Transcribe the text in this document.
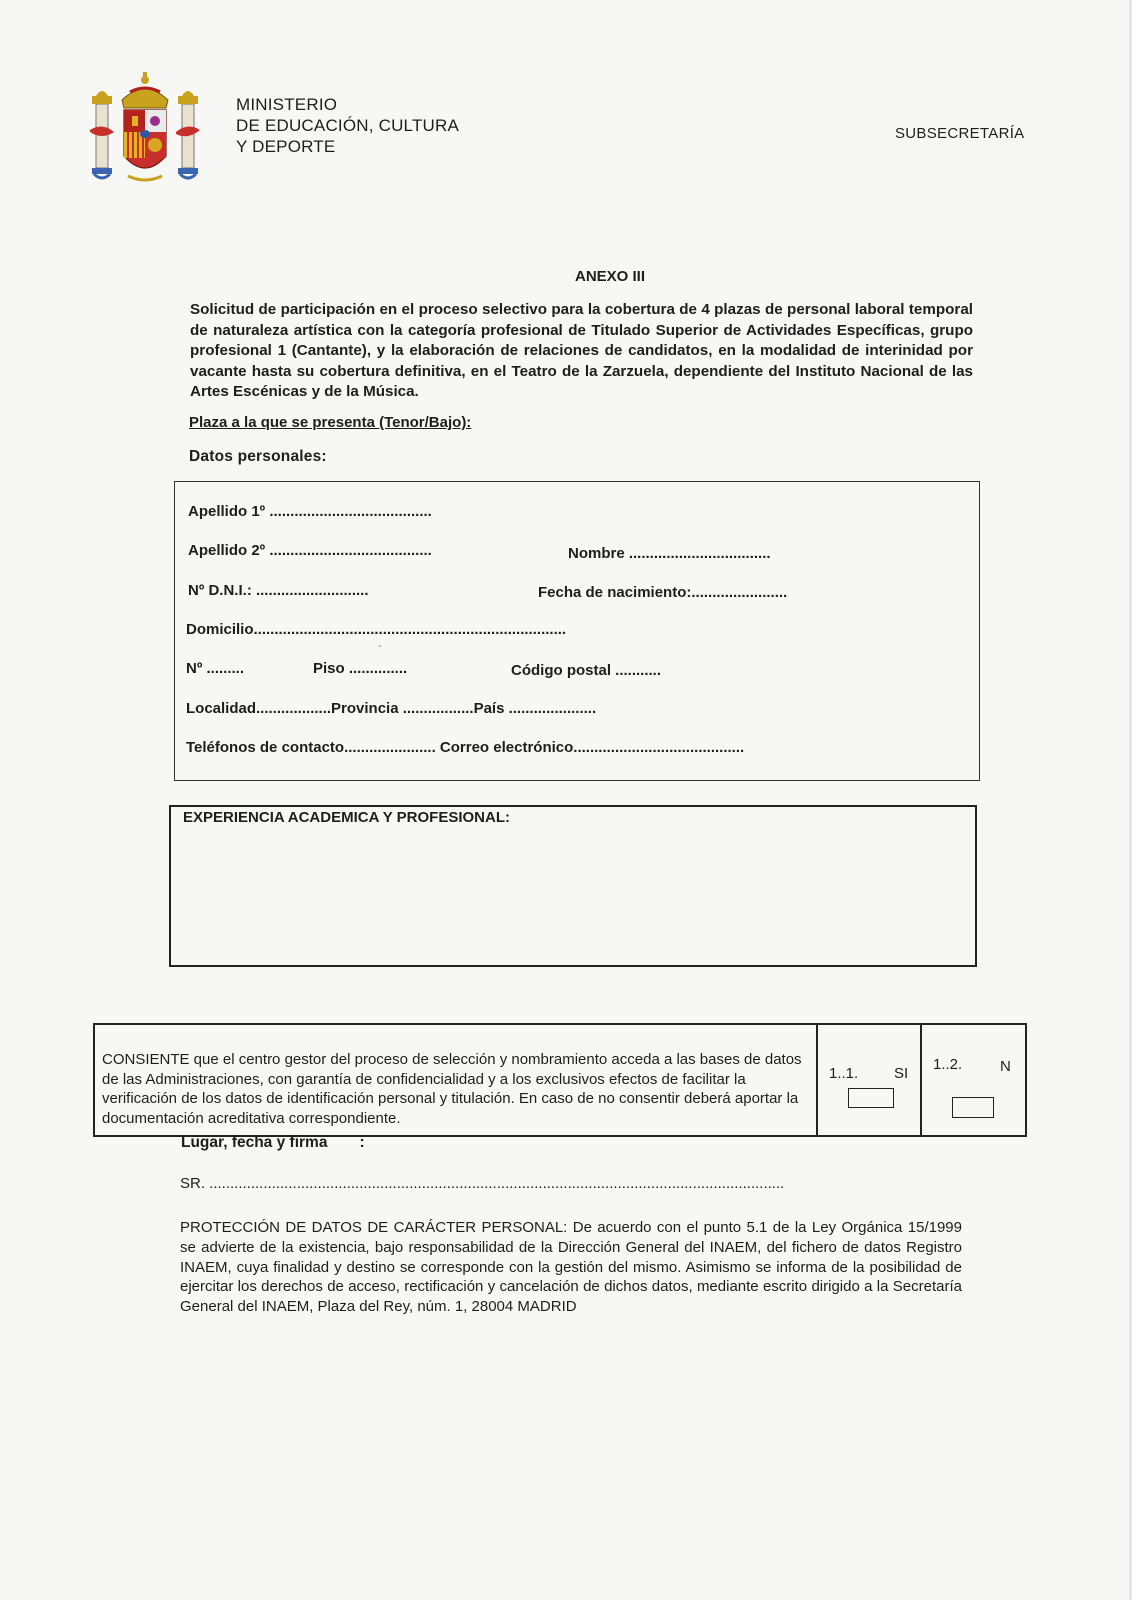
MINISTERIO
DE EDUCACIÓN, CULTURA
Y DEPORTE
SUBSECRETARÍA
ANEXO III
Solicitud de participación en el proceso selectivo para la cobertura de 4 plazas de personal laboral temporal de naturaleza artística con la categoría profesional de Titulado Superior de Actividades Específicas, grupo profesional 1 (Cantante), y la elaboración de relaciones de candidatos, en la modalidad de interinidad por vacante hasta su cobertura definitiva, en el Teatro de la Zarzuela, dependiente del Instituto Nacional de las Artes Escénicas y de la Música.
Plaza a la que se presenta (Tenor/Bajo):
Datos personales:
Apellido 1º .......................................
Apellido 2º .......................................	Nombre ..................................
Nº D.N.I.: ...........................	Fecha de nacimiento:.......................
Domicilio...........................................................................
-
Nº .........	Piso ..............	Código postal ...........
Localidad..................Provincia .................País .....................
Teléfonos de contacto...................... Correo electrónico.........................................
EXPERIENCIA ACADEMICA Y PROFESIONAL:
CONSIENTE que el centro gestor del proceso de selección y nombramiento acceda a las bases de datos de las Administraciones, con garantía de confidencialidad y a los exclusivos efectos de facilitar la verificación de los datos de identificación personal y titulación. En caso de no consentir deberá aportar la documentación acreditativa correspondiente.
1..1. SI
1..2.	N
Lugar, fecha y firma :
SR. ..........................................................................................................................................
PROTECCIÓN DE DATOS DE CARÁCTER PERSONAL: De acuerdo con el punto 5.1 de la Ley Orgánica 15/1999 se advierte de la existencia, bajo responsabilidad de la Dirección General del INAEM, del fichero de datos Registro INAEM, cuya finalidad y destino se corresponde con la gestión del mismo. Asimismo se informa de la posibilidad de ejercitar los derechos de acceso, rectificación y cancelación de dichos datos, mediante escrito dirigido a la Secretaría General del INAEM, Plaza del Rey, núm. 1, 28004 MADRID
